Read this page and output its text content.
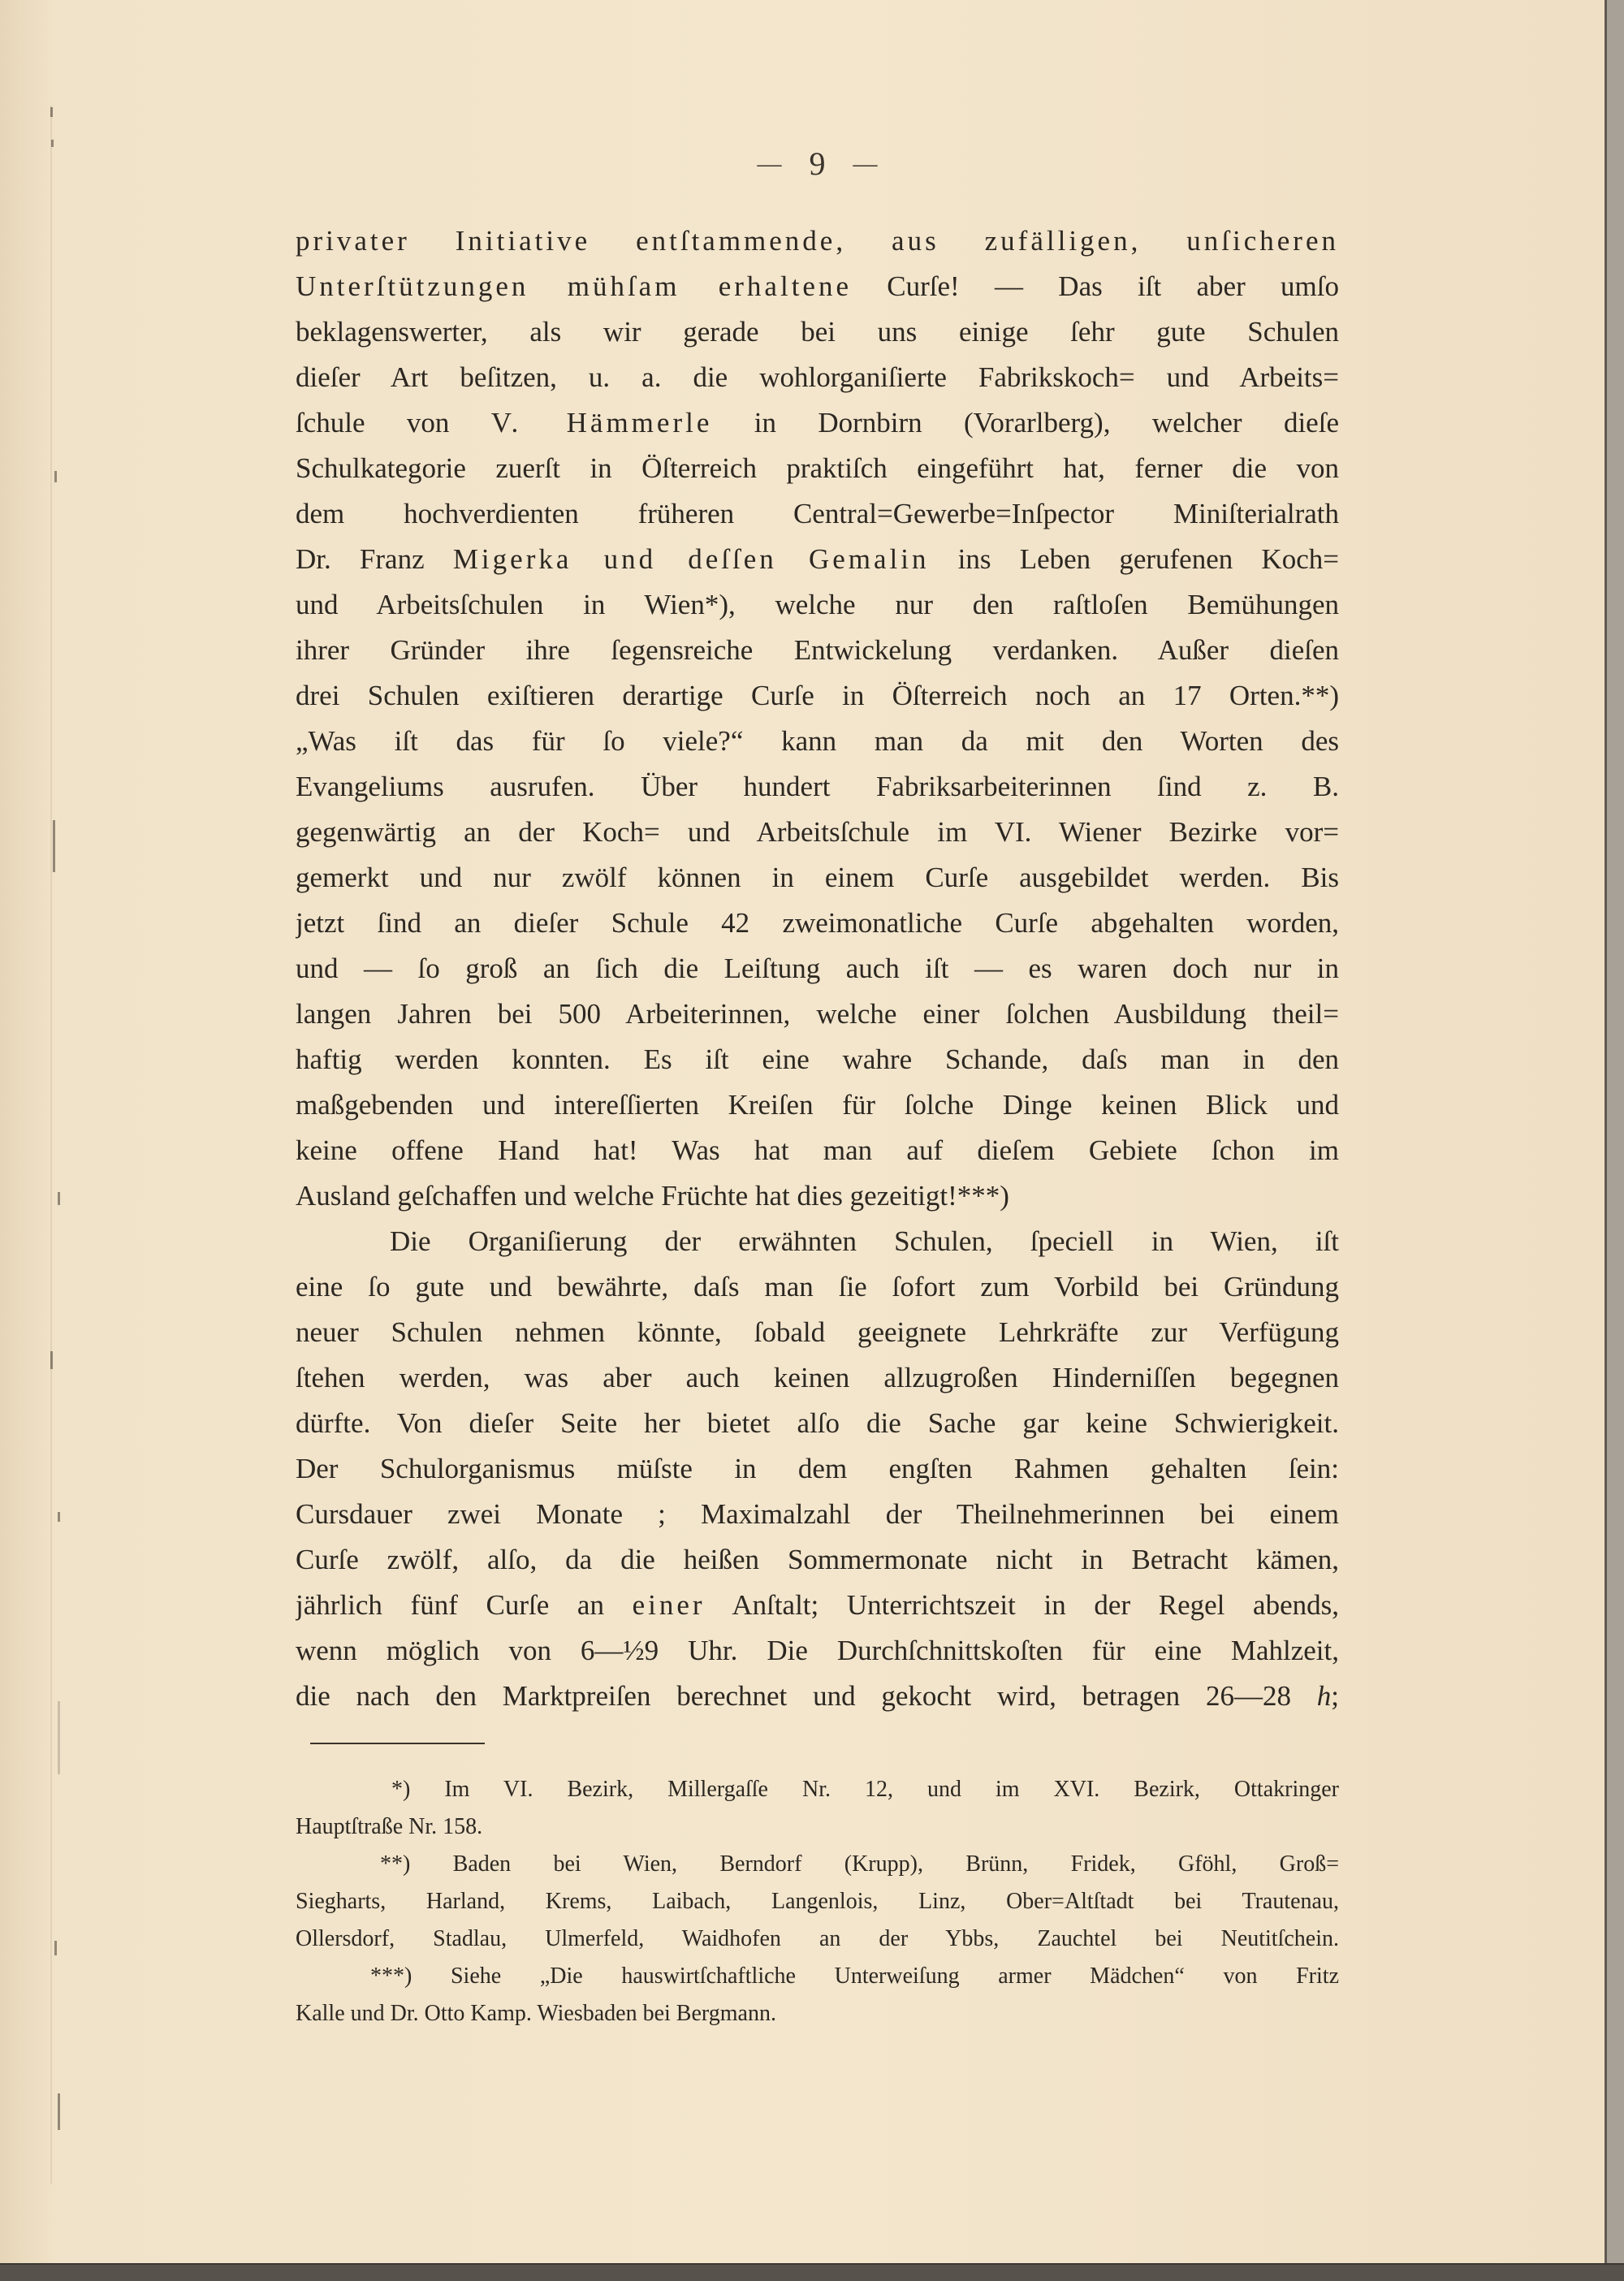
— 9 —
privater Initiative entſtammende, aus zufälligen, unſicheren
Unterſtützungen mühſam erhaltene Curſe! — Das iſt aber umſo
beklagenswerter, als wir gerade bei uns einige ſehr gute Schulen
dieſer Art beſitzen, u. a. die wohlorganiſierte Fabrikskoch= und Arbeits=
ſchule von V. Hämmerle in Dornbirn (Vorarlberg), welcher dieſe
Schulkategorie zuerſt in Öſterreich praktiſch eingeführt hat, ferner die von
dem hochverdienten früheren Central=Gewerbe=Inſpector Miniſterialrath
Dr. Franz Migerka und deſſen Gemalin ins Leben gerufenen Koch=
und Arbeitsſchulen in Wien*), welche nur den raſtloſen Bemühungen
ihrer Gründer ihre ſegensreiche Entwickelung verdanken. Außer dieſen
drei Schulen exiſtieren derartige Curſe in Öſterreich noch an 17 Orten.**)
„Was iſt das für ſo viele?“ kann man da mit den Worten des
Evangeliums ausrufen. Über hundert Fabriksarbeiterinnen ſind z. B.
gegenwärtig an der Koch= und Arbeitsſchule im VI. Wiener Bezirke vor=
gemerkt und nur zwölf können in einem Curſe ausgebildet werden. Bis
jetzt ſind an dieſer Schule 42 zweimonatliche Curſe abgehalten worden,
und — ſo groß an ſich die Leiſtung auch iſt — es waren doch nur in
langen Jahren bei 500 Arbeiterinnen, welche einer ſolchen Ausbildung theil=
haftig werden konnten. Es iſt eine wahre Schande, daſs man in den
maßgebenden und intereſſierten Kreiſen für ſolche Dinge keinen Blick und
keine offene Hand hat! Was hat man auf dieſem Gebiete ſchon im
Ausland geſchaffen und welche Früchte hat dies gezeitigt!***)
Die Organiſierung der erwähnten Schulen, ſpeciell in Wien, iſt
eine ſo gute und bewährte, daſs man ſie ſofort zum Vorbild bei Gründung
neuer Schulen nehmen könnte, ſobald geeignete Lehrkräfte zur Verfügung
ſtehen werden, was aber auch keinen allzugroßen Hinderniſſen begegnen
dürfte. Von dieſer Seite her bietet alſo die Sache gar keine Schwierigkeit.
Der Schulorganismus müſste in dem engſten Rahmen gehalten ſein:
Cursdauer zwei Monate ; Maximalzahl der Theilnehmerinnen bei einem
Curſe zwölf, alſo, da die heißen Sommermonate nicht in Betracht kämen,
jährlich fünf Curſe an einer Anſtalt; Unterrichtszeit in der Regel abends,
wenn möglich von 6—½9 Uhr. Die Durchſchnittskoſten für eine Mahlzeit,
die nach den Marktpreiſen berechnet und gekocht wird, betragen 26—28 h;
*) Im VI. Bezirk, Millergaſſe Nr. 12, und im XVI. Bezirk, Ottakringer
Hauptſtraße Nr. 158.
**) Baden bei Wien, Berndorf (Krupp), Brünn, Fridek, Gföhl, Groß=
Siegharts, Harland, Krems, Laibach, Langenlois, Linz, Ober=Altſtadt bei Trautenau,
Ollersdorf, Stadlau, Ulmerfeld, Waidhofen an der Ybbs, Zauchtel bei Neutitſchein.
***) Siehe „Die hauswirtſchaftliche Unterweiſung armer Mädchen“ von Fritz
Kalle und Dr. Otto Kamp. Wiesbaden bei Bergmann.
